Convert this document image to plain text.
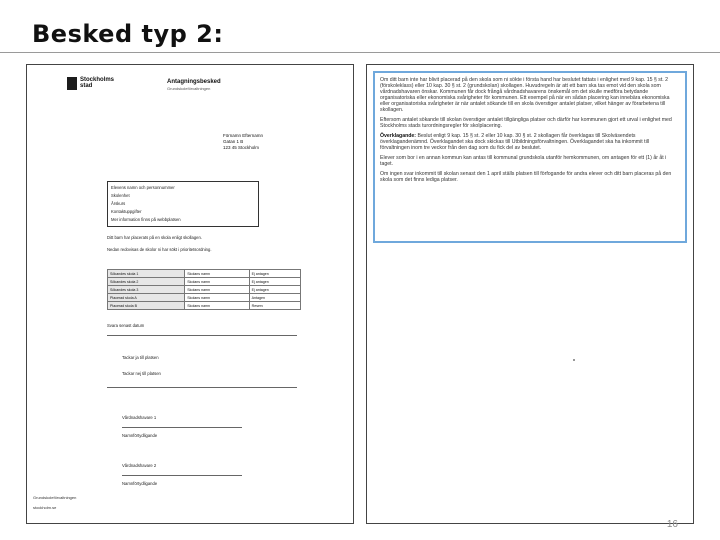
Besked typ 2:
Stockholms
stad
Antagningsbesked
Grundskoleförvaltningen
Förnamn Efternamn
Gatan 1 B
123 45 Stockholm
Elevens namn och personnummer
Skolenhet
Årskurs
Kontaktuppgifter
Mer information finns på webbplatsen
Ditt barn har placerats på en skola enligt skollagen.
Nedan redovisas de skolor ni har sökt i prioritetsordning.
Sökandes skola 1	Skolans namn	Ej antagen
Sökandes skola 2	Skolans namn	Ej antagen
Sökandes skola 3	Skolans namn	Ej antagen
Placerad skola A	Skolans namn	Antagen
Placerad skola B	Skolans namn	Reserv
Svara senast datum
Tackar ja till platsen
Tackar nej till platsen
Vårdnadshavare 1
Namnförtydligande
Vårdnadshavare 2
Namnförtydligande
Grundskoleförvaltningen
stockholm.se

Om ditt barn inte har blivit placerad på den skola som ni sökte i första hand har beslutet fattats i enlighet med 9 kap. 15 § st. 2 (förskoleklass) eller 10 kap. 30 § st. 2 (grundskolan) skollagen. Huvudregeln är att ett barn ska tas emot vid den skola som vårdnadshavaren önskar. Kommunen får dock frångå vårdnadshavarens önskemål om det skulle medföra betydande organisatoriska eller ekonomiska svårigheter för kommunen. Ett exempel på när en sådan placering kan innebära ekonomiska eller organisatoriska svårigheter är när antalet sökande till en skola överstiger antalet platser, vilket hänger av förarbetena till skollagen.

Eftersom antalet sökande till skolan överstiger antalet tillgängliga platser och därför har kommunen gjort ett urval i enlighet med Stockholms stads turordningsregler för skolplacering.

Överklagande: Beslut enligt 9 kap. 15 § st. 2 eller 10 kap. 30 § st. 2 skollagen får överklagas till Skolväsendets överklagandenämnd. Överklagandet ska dock skickas till Utbildningsförvaltningen. Överklagandet ska ha inkommit till förvaltningen inom tre veckor från den dag som du fick del av beslutet.

Elever som bor i en annan kommun kan antas till kommunal grundskola utanför hemkommunen, om antagen för ett (1) år åt i taget.

Om ingen svar inkommit till skolan senast den 1 april ställs platsen till förfogande för andra elever och ditt barn placeras på den skola som det finns lediga platser.

16
